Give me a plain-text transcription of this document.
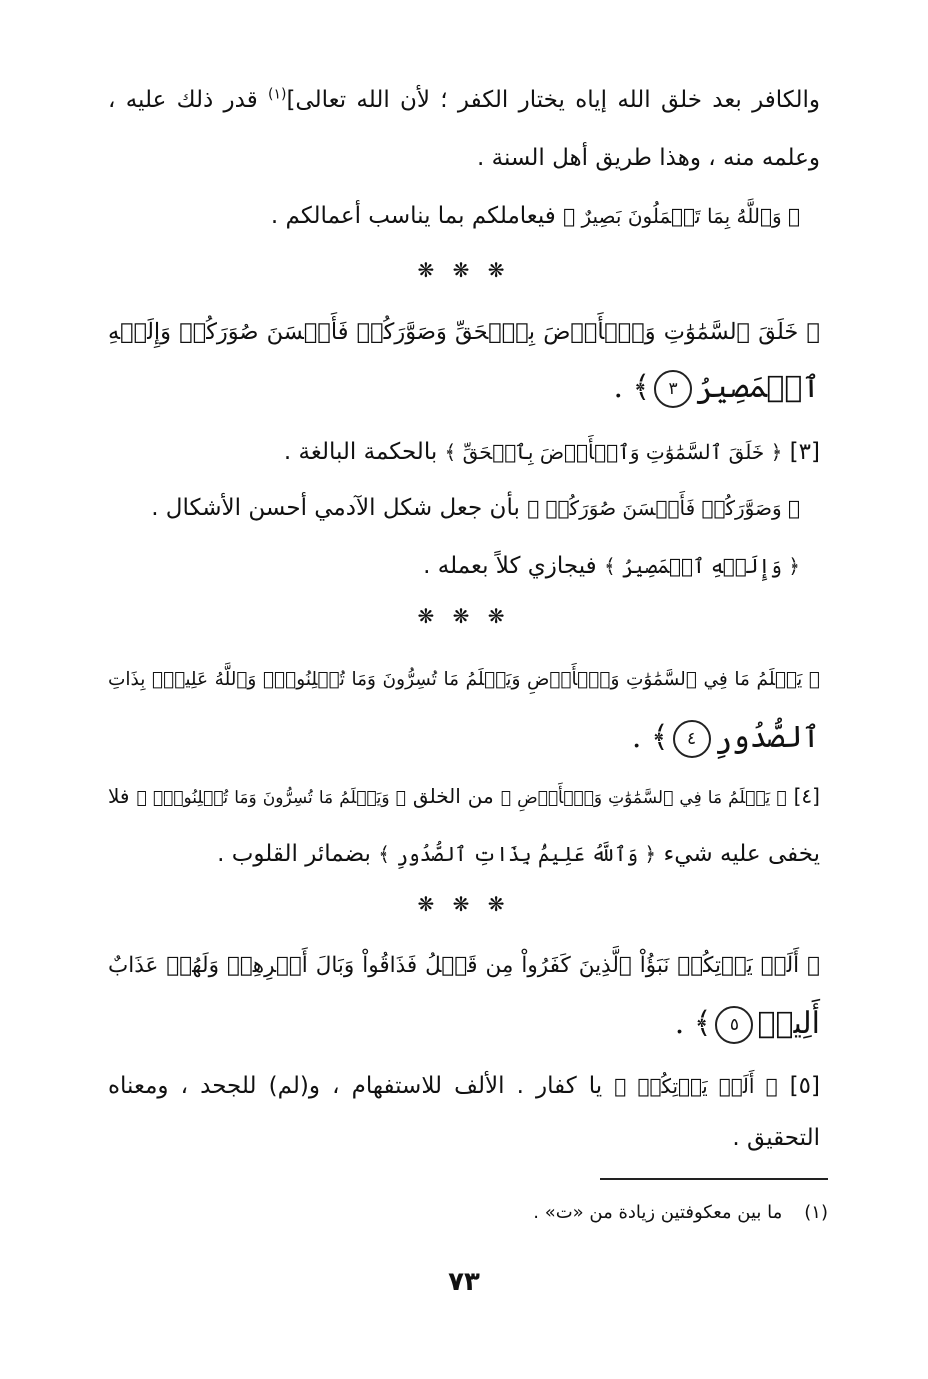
والكافر بعد خلق الله إياه يختار الكفر ؛ لأن الله تعالى]$^{(١)}$ قدر ذلك عليه ،
وعلمه منه ، وهذا طريق أهل السنة .
﴿ وَٱللَّهُ بِمَا تَعۡمَلُونَ بَصِيرٌ ﴾ فيعاملكم بما يناسب أعمالكم .
❋ ❋ ❋
﴿ خَلَقَ ٱلسَّمَٰوَٰتِ وَٱلۡأَرۡضَ بِٱلۡحَقِّ وَصَوَّرَكُمۡ فَأَحۡسَنَ صُوَرَكُمۡ وَإِلَيۡهِ
ٱلۡمَصِيرُ٣﴾ .
[٣] ﴿ خَلَقَ ٱلسَّمَٰوَٰتِ وَٱلۡأَرۡضَ بِٱلۡحَقِّ ﴾ بالحكمة البالغة .
﴿ وَصَوَّرَكُمۡ فَأَحۡسَنَ صُوَرَكُمۡ ﴾ بأن جعل شكل الآدمي أحسن الأشكال .
﴿ وَإِلَيۡهِ ٱلۡمَصِيرُ ﴾ فيجازي كلاً بعمله .
❋ ❋ ❋
﴿ يَعۡلَمُ مَا فِي ٱلسَّمَٰوَٰتِ وَٱلۡأَرۡضِ وَيَعۡلَمُ مَا تُسِرُّونَ وَمَا تُعۡلِنُونَۚ وَٱللَّهُ عَلِيمُۢ بِذَاتِ
ٱلصُّدُورِ٤﴾ .
[٤] ﴿ يَعۡلَمُ مَا فِي ٱلسَّمَٰوَٰتِ وَٱلۡأَرۡضِ ﴾ من الخلق ﴿ وَيَعۡلَمُ مَا تُسِرُّونَ وَمَا تُعۡلِنُونَۚ ﴾ فلا
يخفى عليه شيء ﴿ وَٱللَّهُ عَلِيمُۢ بِذَاتِ ٱلصُّدُورِ ﴾ بضمائر القلوب .
❋ ❋ ❋
﴿ أَلَمۡ يَأۡتِكُمۡ نَبَؤُاْ ٱلَّذِينَ كَفَرُواْ مِن قَبۡلُ فَذَاقُواْ وَبَالَ أَمۡرِهِمۡ وَلَهُمۡ عَذَابٌ
أَلِيمٞ٥﴾ .
[٥] ﴿ أَلَمۡ يَأۡتِكُمۡ ﴾ يا كفار . الألف للاستفهام ، و(لم) للجحد ، ومعناه
التحقيق .
(١)ما بين معكوفتين زيادة من «ت» .
٧٣
